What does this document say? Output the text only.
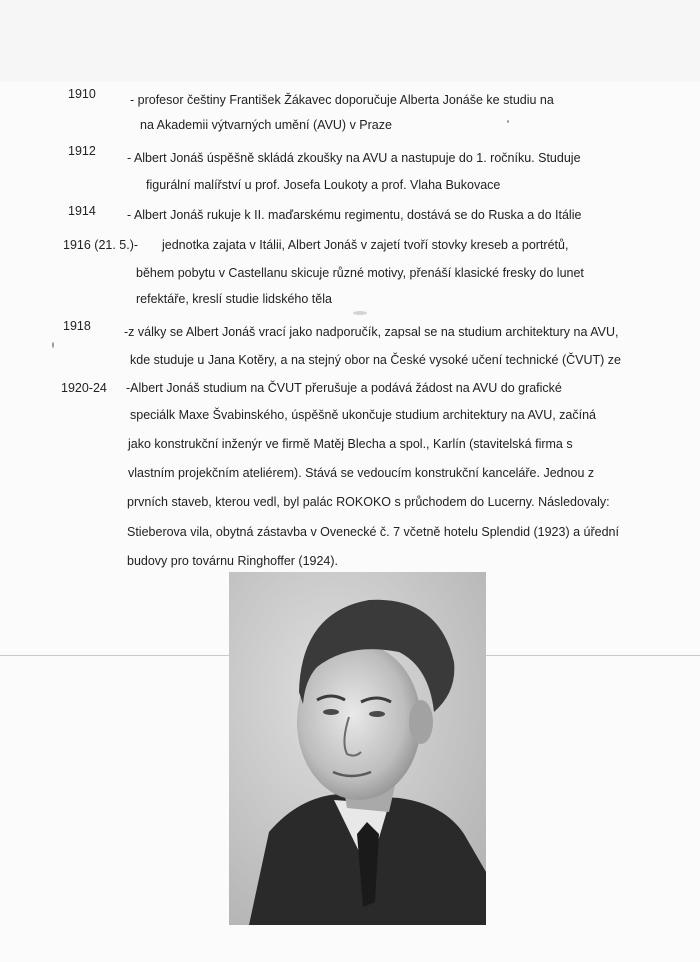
1910	- profesor češtiny František Žákavec doporučuje Alberta Jonáše ke studiu na
na Akademii výtvarných umění (AVU) v Praze
1912 - Albert Jonáš úspěšně skládá zkoušky na AVU a nastupuje do 1. ročníku. Studuje
figurální malířství u prof. Josefa Loukoty a prof. Vlaha Bukovace
1914 - Albert Jonáš rukuje k II. maďarskému regimentu, dostává se do Ruska a do Itálie
1916 (21. 5.)- jednotka zajata v Itálii, Albert Jonáš v zajetí tvoří stovky kreseb a portrétů,
během pobytu v Castellanu skicuje různé motivy, přenáší klasické fresky do lunet
refektáře, kreslí studie lidského těla
1918	-z války se Albert Jonáš vrací jako nadporučík, zapsal se na studium architektury na AVU,
kde studuje u Jana Kotěry, a na stejný obor na České vysoké učení technické (ČVUT) ze
1920-24 -Albert Jonáš studium na ČVUT přerušuje a podává žádost na AVU do grafické
speciálk Maxe Švabinského, úspěšně ukončuje studium architektury na AVU, začíná
jako konstrukční inženýr ve firmě Matěj Blecha a spol., Karlín (stavitelská firma s
vlastním projekčním ateliérem). Stává se vedoucím konstrukční kanceláře. Jednou z
prvních staveb, kterou vedl, byl palác ROKOKO s průchodem do Lucerny. Následovaly:
Stieberova vila, obytná zástavba v Ovenecké č. 7 včetně hotelu Splendid (1923) a úřední
budovy pro továrnu Ringhoffer (1924).
